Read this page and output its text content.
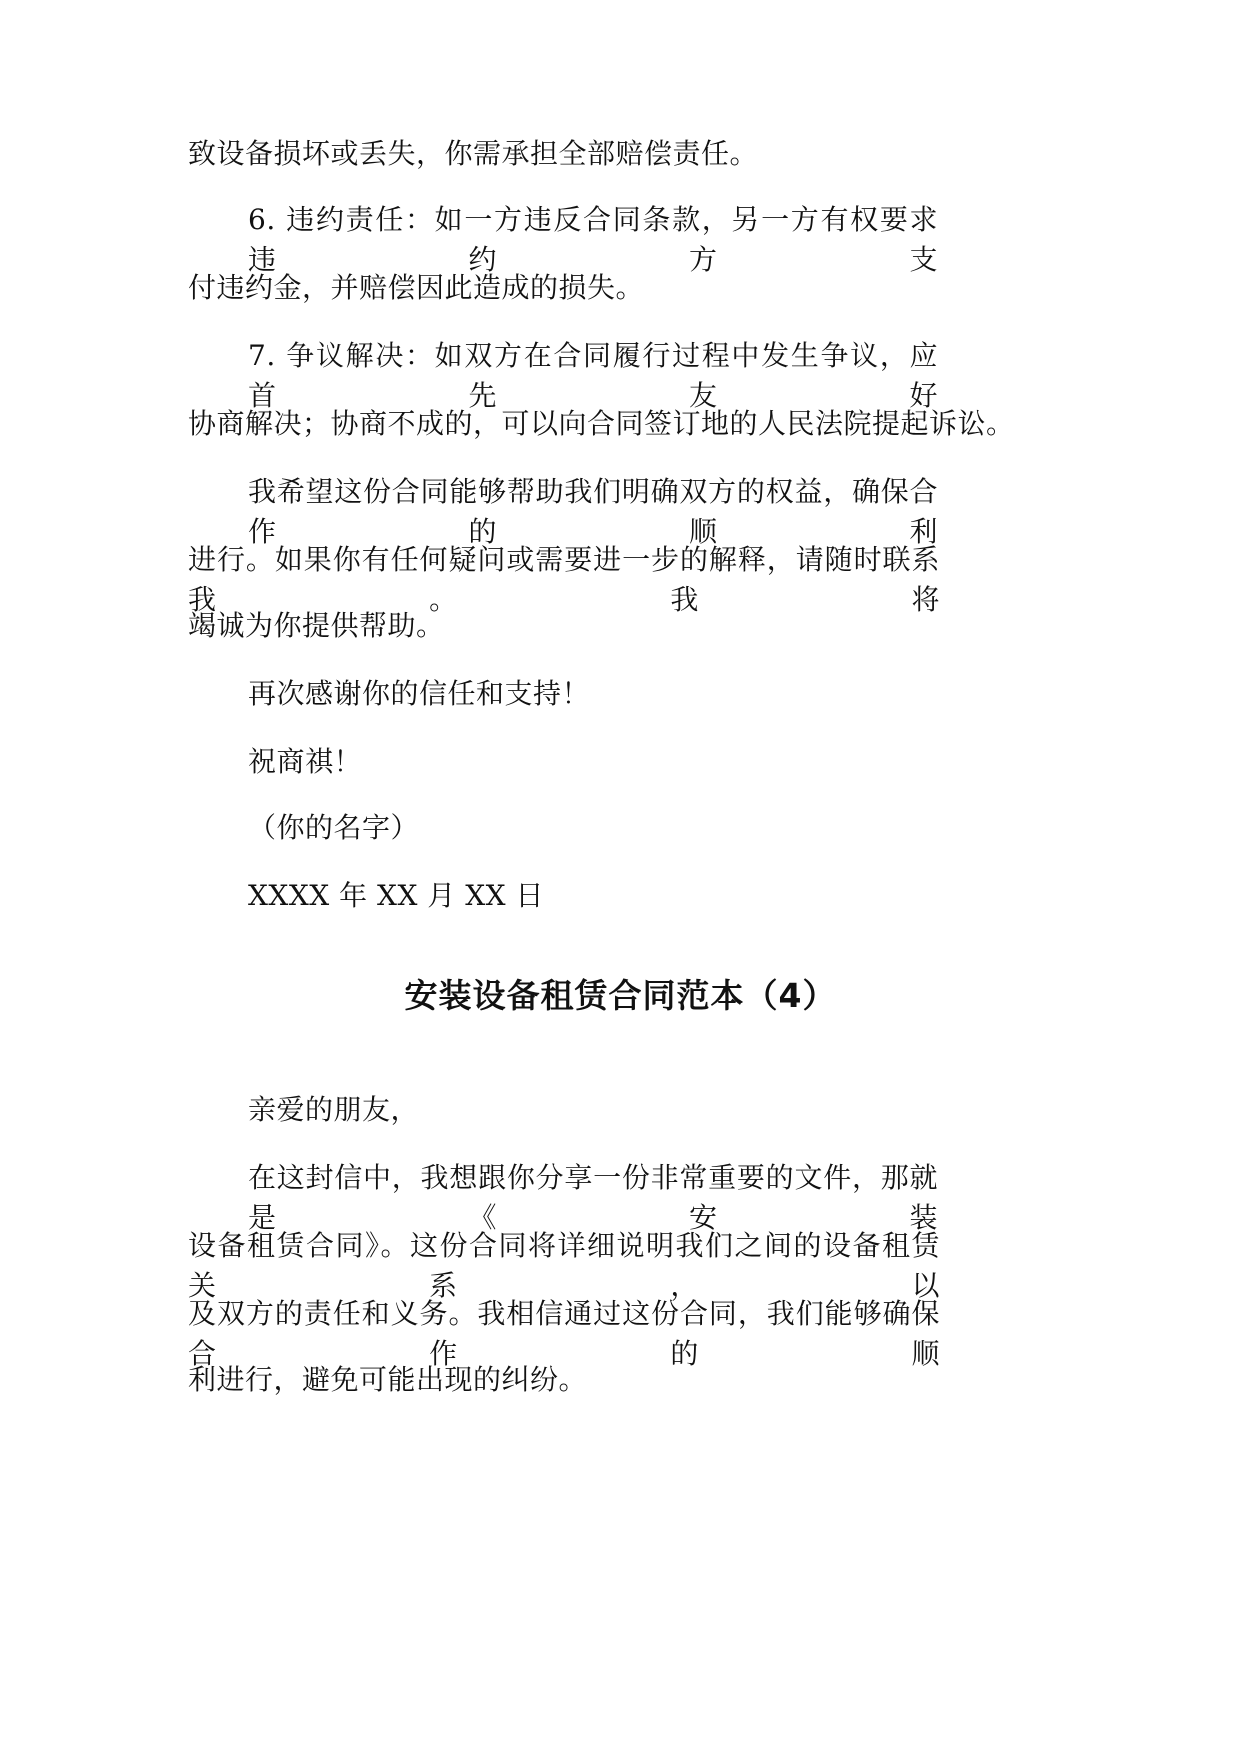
致设备损坏或丢失，你需承担全部赔偿责任。
6. 违约责任：如一方违反合同条款，另一方有权要求违约方支
付违约金，并赔偿因此造成的损失。
7. 争议解决：如双方在合同履行过程中发生争议，应首先友好
协商解决；协商不成的，可以向合同签订地的人民法院提起诉讼。
我希望这份合同能够帮助我们明确双方的权益，确保合作的顺利
进行。如果你有任何疑问或需要进一步的解释，请随时联系我。我将
竭诚为你提供帮助。
再次感谢你的信任和支持！
祝商祺！
（你的名字）
XXXX 年 XX 月 XX 日
安装设备租赁合同范本（4）
亲爱的朋友，
在这封信中，我想跟你分享一份非常重要的文件，那就是《安装
设备租赁合同》。这份合同将详细说明我们之间的设备租赁关系，以
及双方的责任和义务。我相信通过这份合同，我们能够确保合作的顺
利进行，避免可能出现的纠纷。
